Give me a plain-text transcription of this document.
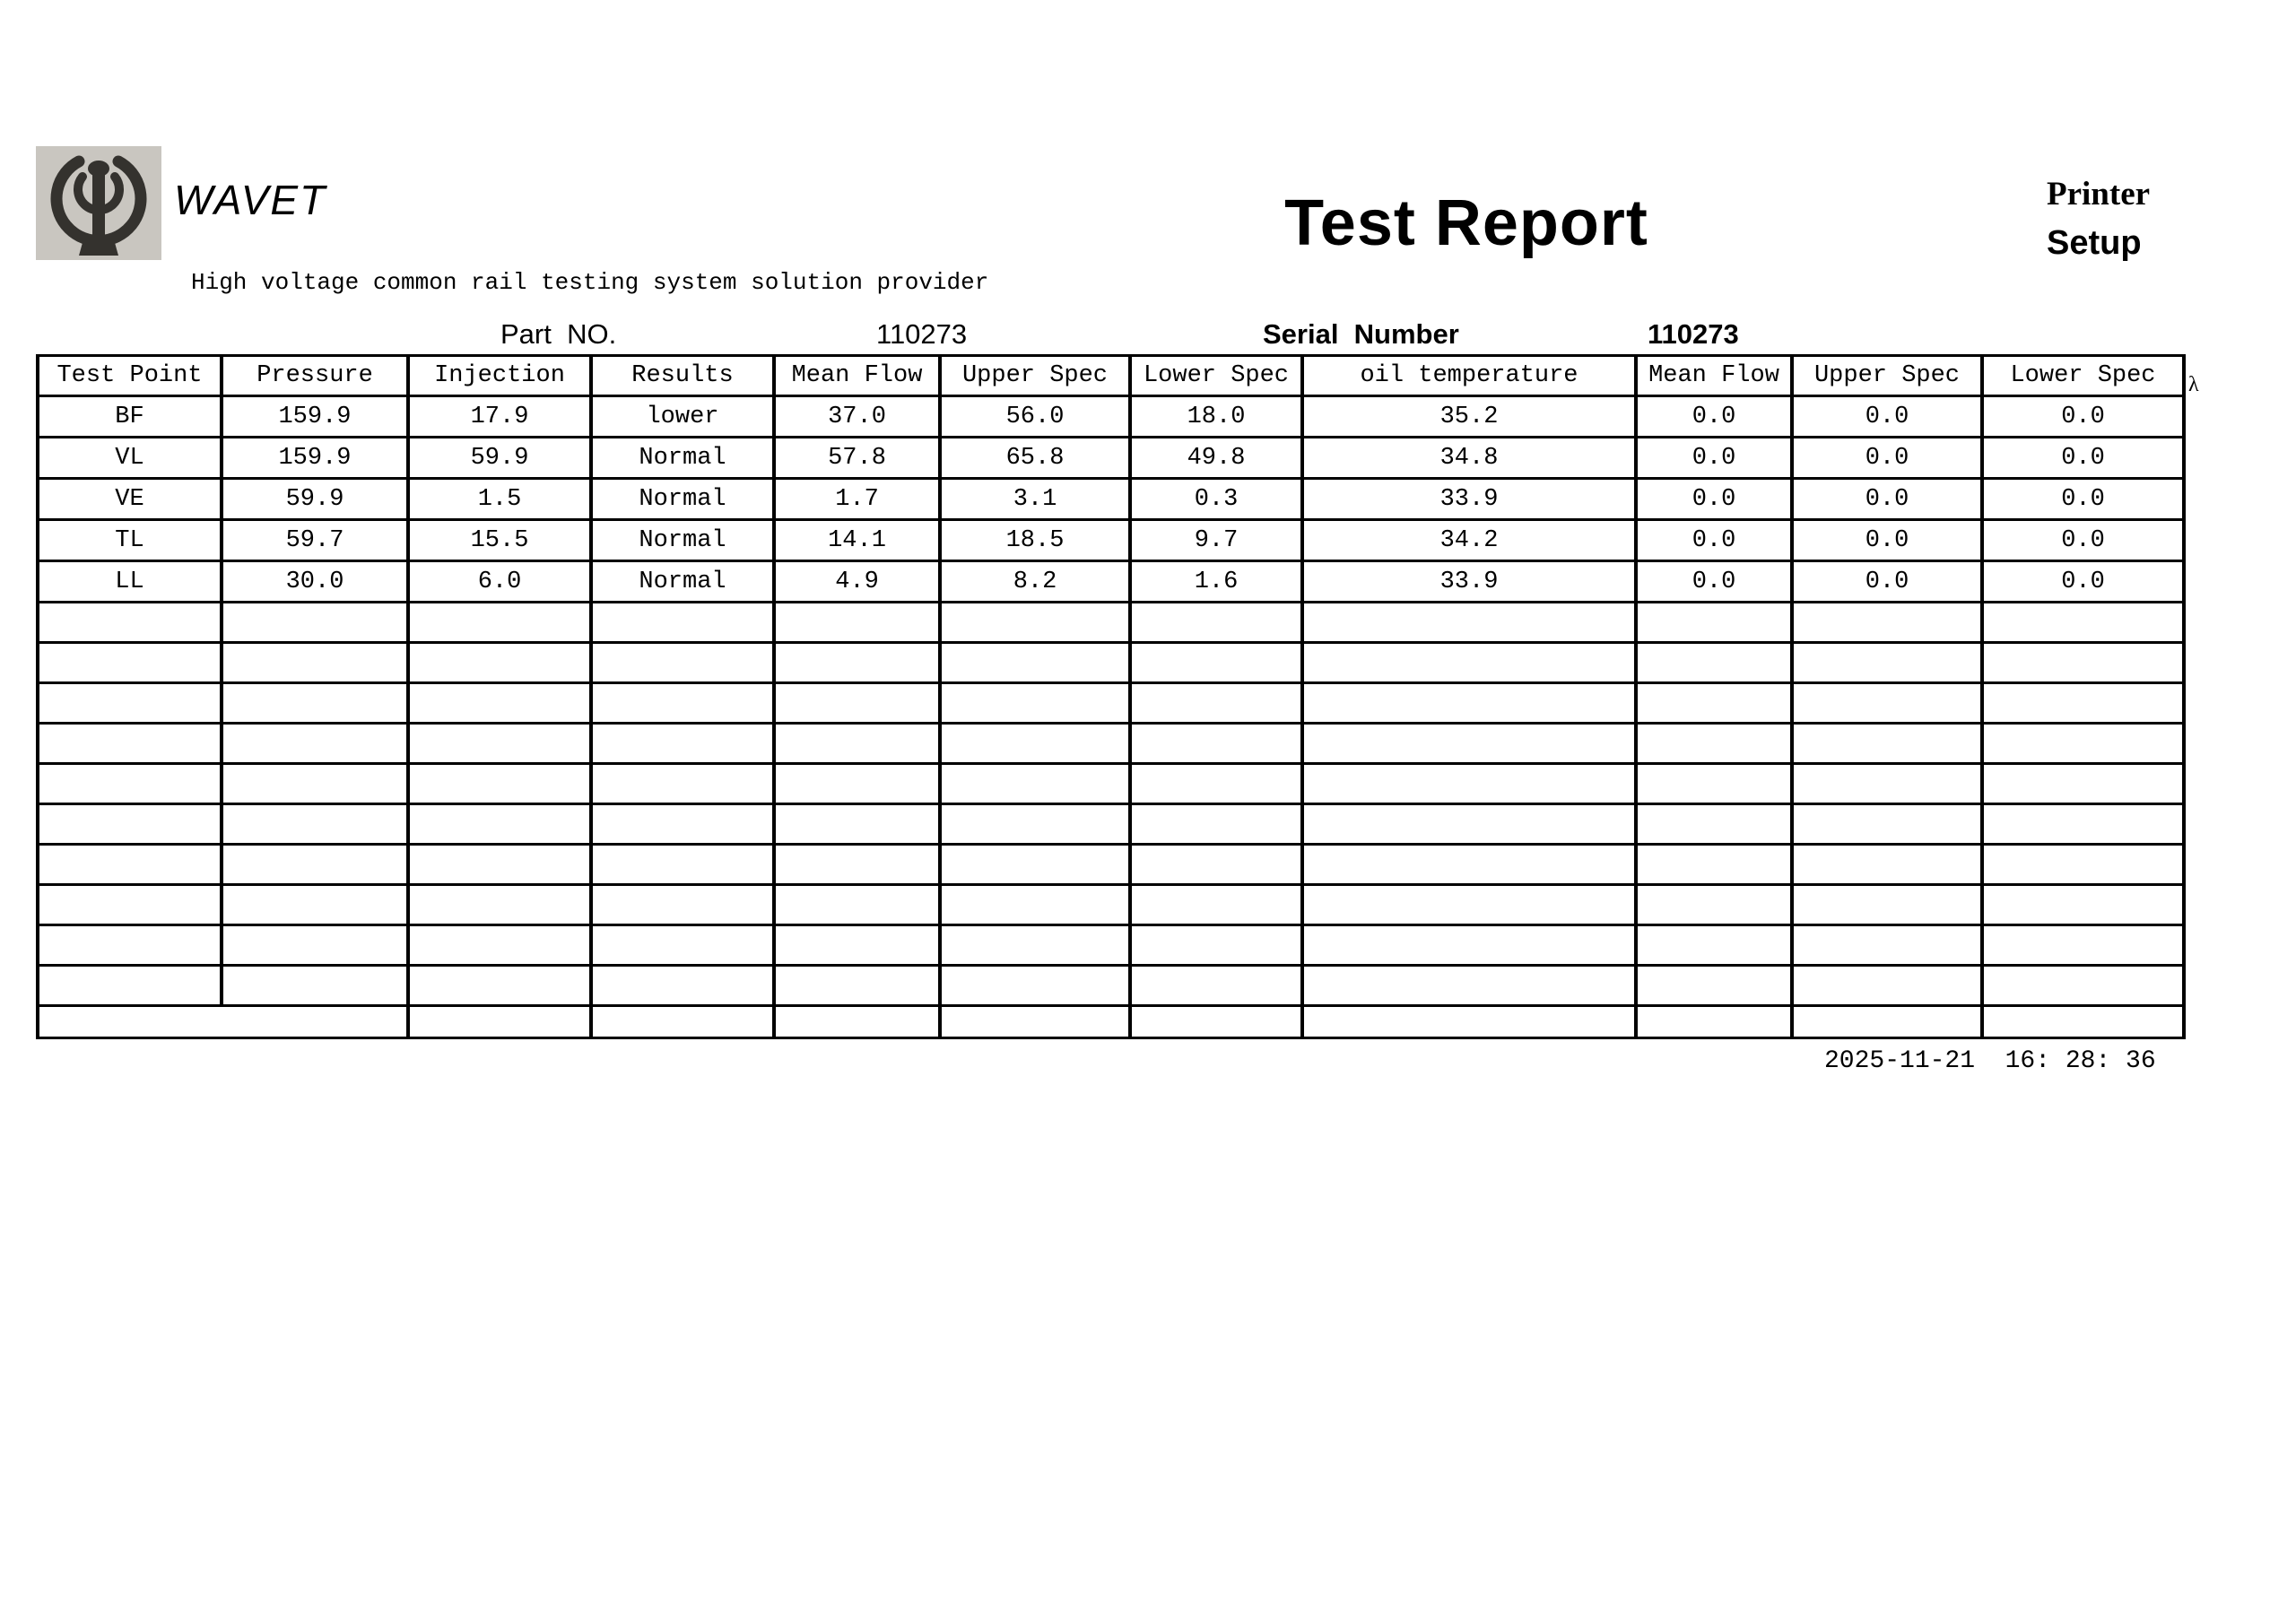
WAVET
High voltage common rail testing system solution provider
Test Report	Printer
Setup
Part  NO.	110273	Serial  Number	110273
Test Point	Pressure	Injection	Results	Mean Flow	Upper Spec	Lower Spec	oil temperature	Mean Flow	Upper Spec	Lower Spec
BF	159.9	17.9	lower	37.0	56.0	18.0	35.2	0.0	0.0	0.0
VL	159.9	59.9	Normal	57.8	65.8	49.8	34.8	0.0	0.0	0.0
VE	59.9	1.5	Normal	1.7	3.1	0.3	33.9	0.0	0.0	0.0
TL	59.7	15.5	Normal	14.1	18.5	9.7	34.2	0.0	0.0	0.0
LL	30.0	6.0	Normal	4.9	8.2	1.6	33.9	0.0	0.0	0.0

λ
2025-11-21  16: 28: 36
